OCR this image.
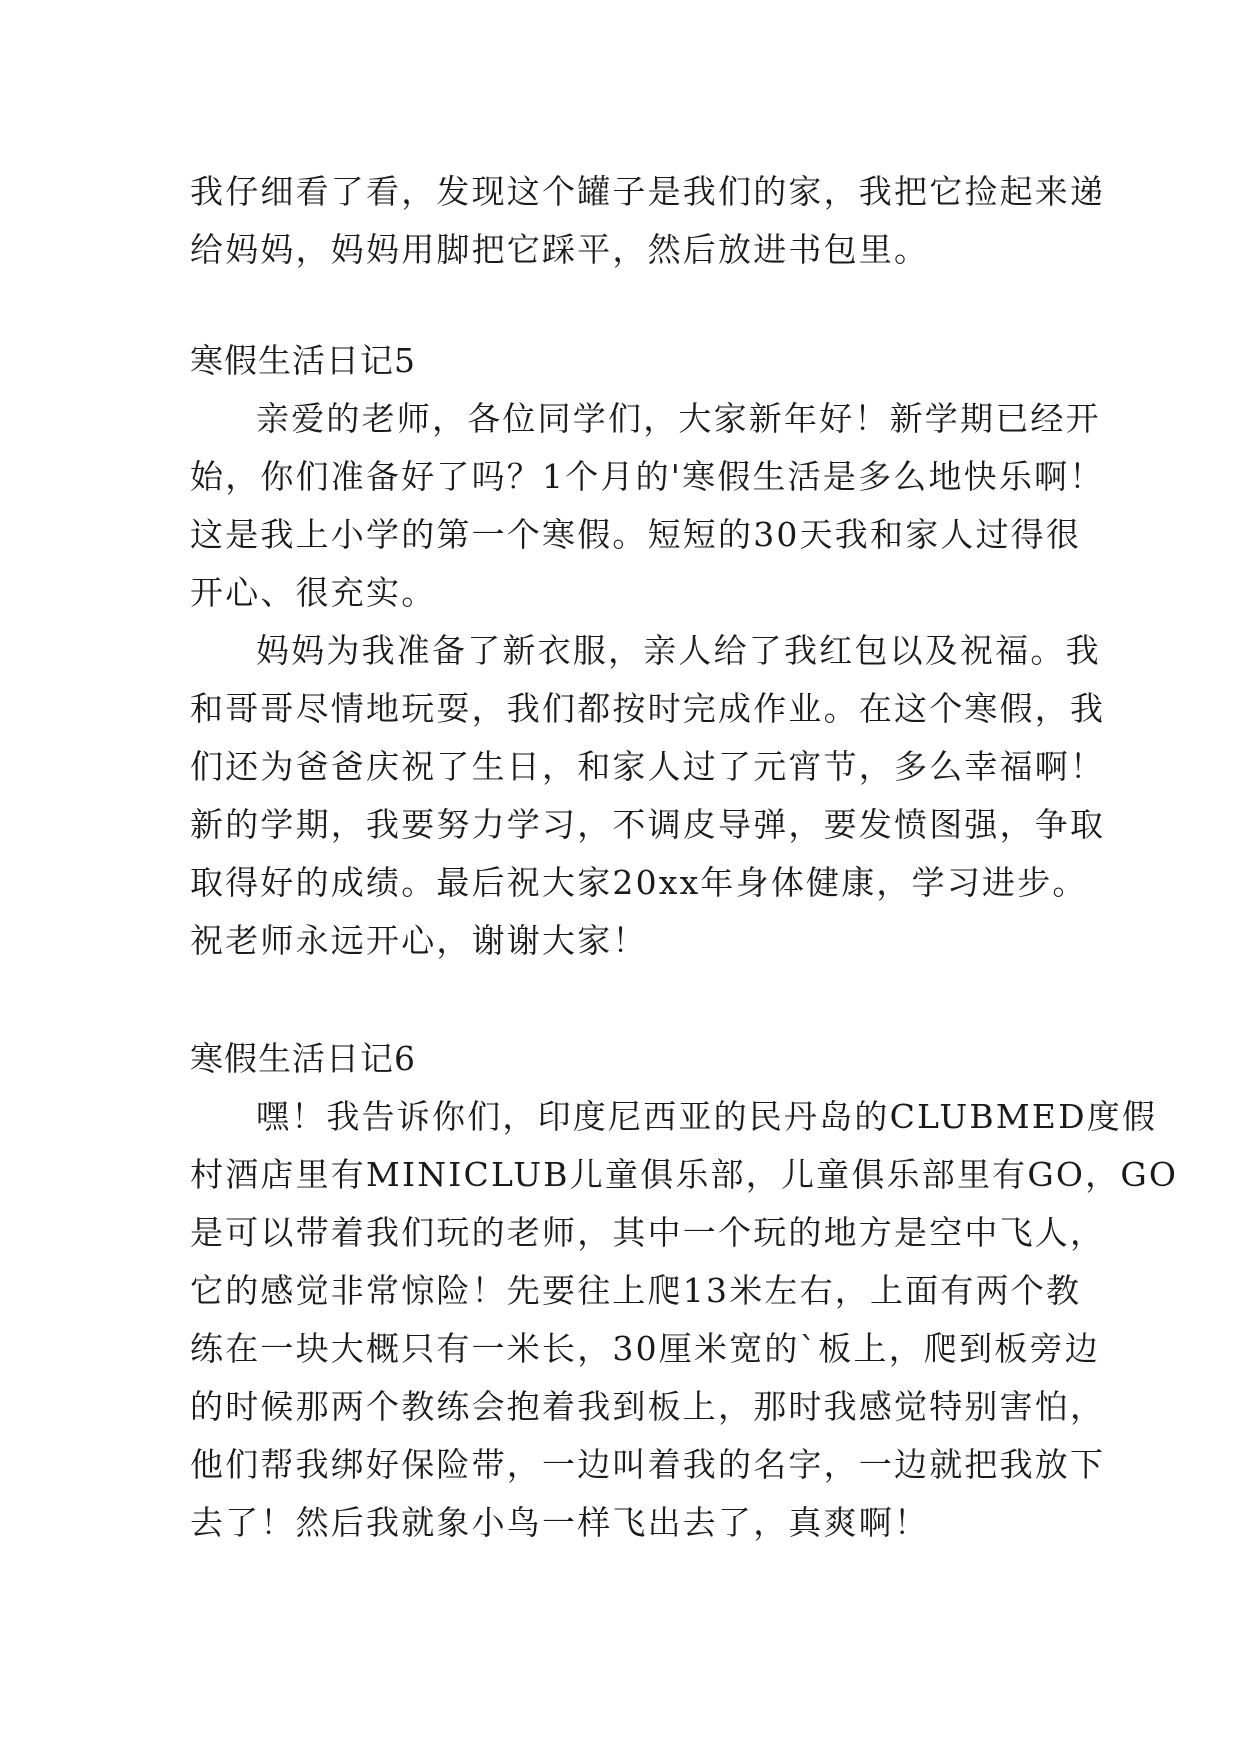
我仔细看了看，发现这个罐子是我们的家，我把它捡起来递
给妈妈，妈妈用脚把它踩平，然后放进书包里。
寒假生活日记5
亲爱的老师，各位同学们，大家新年好！新学期已经开
始，你们准备好了吗？1个月的'寒假生活是多么地快乐啊！
这是我上小学的第一个寒假。短短的30天我和家人过得很
开心、很充实。
妈妈为我准备了新衣服，亲人给了我红包以及祝福。我
和哥哥尽情地玩耍，我们都按时完成作业。在这个寒假，我
们还为爸爸庆祝了生日，和家人过了元宵节，多么幸福啊！
新的学期，我要努力学习，不调皮导弹，要发愤图强，争取
取得好的成绩。最后祝大家20xx年身体健康，学习进步。
祝老师永远开心，谢谢大家！
寒假生活日记6
嘿！我告诉你们，印度尼西亚的民丹岛的CLUBMED度假
村酒店里有MINICLUB儿童俱乐部，儿童俱乐部里有GO，GO
是可以带着我们玩的老师，其中一个玩的地方是空中飞人，
它的感觉非常惊险！先要往上爬13米左右，上面有两个教
练在一块大概只有一米长，30厘米宽的`板上，爬到板旁边
的时候那两个教练会抱着我到板上，那时我感觉特别害怕，
他们帮我绑好保险带，一边叫着我的名字，一边就把我放下
去了！然后我就象小鸟一样飞出去了，真爽啊！
